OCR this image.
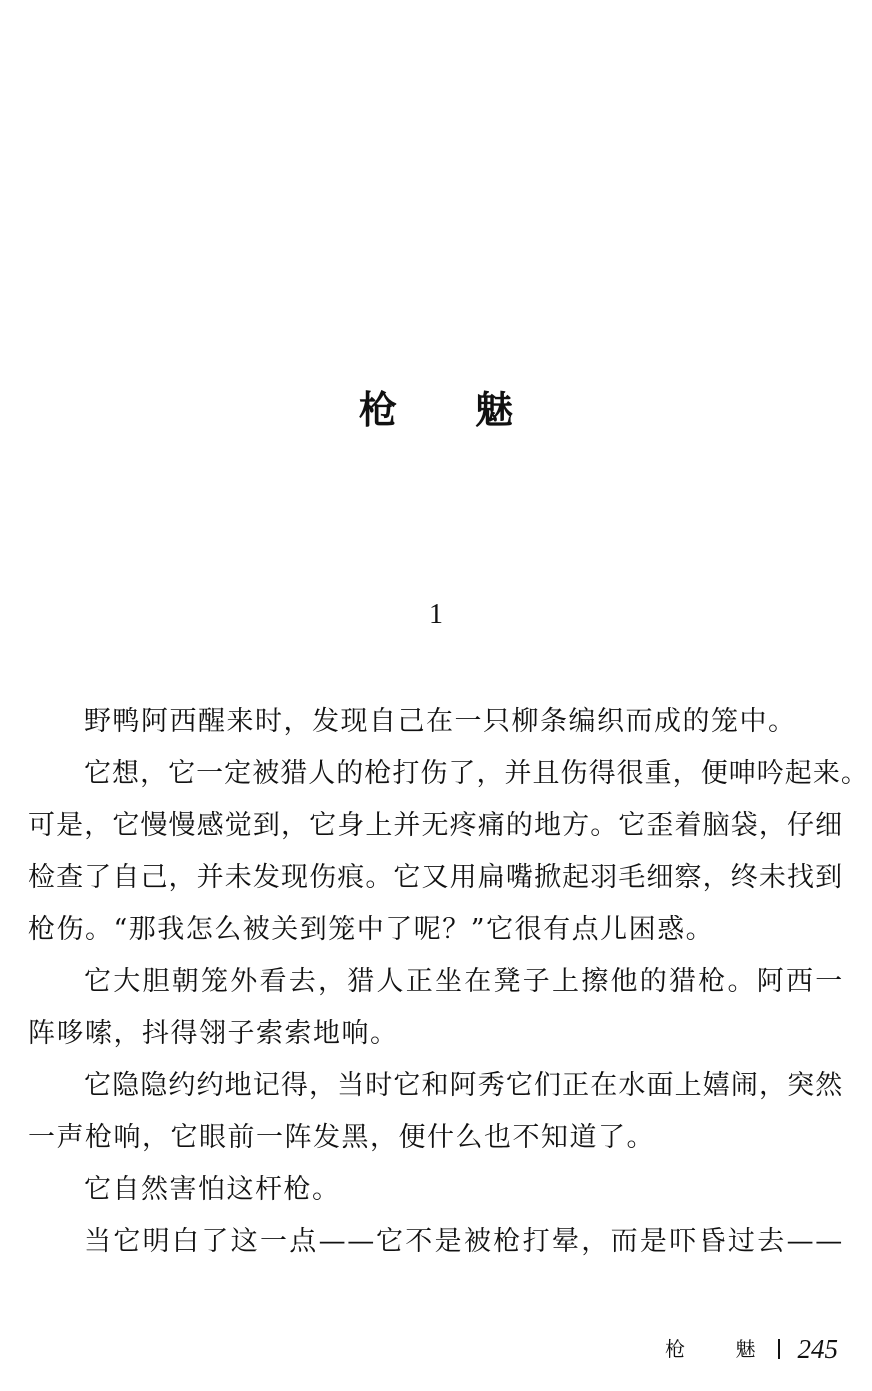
枪 魅
1
野鸭阿西醒来时，发现自己在一只柳条编织而成的笼中。
它 想 ， 它 一 定 被 猎 人 的 枪 打 伤 了 ， 并 且 伤 得 很 重 ， 便 呻 吟 起 来 。
可 是 ， 它 慢 慢 感 觉 到 ， 它 身 上 并 无 疼 痛 的 地 方 。 它 歪 着 脑 袋 ， 仔 细
检 查 了 自 己 ， 并 未 发 现 伤 痕 。 它 又 用 扁 嘴 掀 起 羽 毛 细 察 ， 终 未 找 到
枪伤。“那我怎么被关到笼中了呢？”它很有点儿困惑。
它 大 胆 朝 笼 外 看 去 ， 猎 人 正 坐 在 凳 子 上 擦 他 的 猎 枪 。 阿 西 一
阵哆嗦，抖得翎子索索地响。
它 隐 隐 约 约 地 记 得 ， 当 时 它 和 阿 秀 它 们 正 在 水 面 上 嬉 闹 ， 突 然
一声枪响，它眼前一阵发黑，便什么也不知道了。
它自然害怕这杆枪。
当 它 明 白 了 这 一 点 — — 它 不 是 被 枪 打 晕 ， 而 是 吓 昏 过 去 — —
枪 魅 245
